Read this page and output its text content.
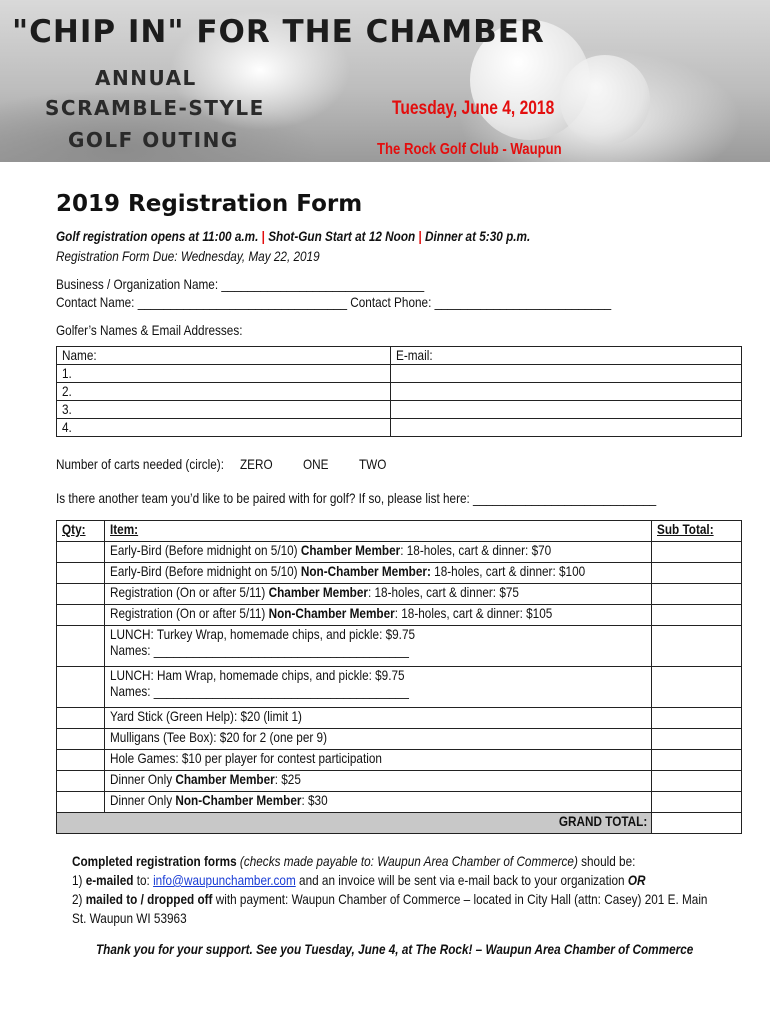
"CHIP IN" FOR THE CHAMBER
ANNUAL
SCRAMBLE-STYLE
GOLF OUTING
Tuesday, June 4, 2018
The Rock Golf Club - Waupun
2019 Registration Form
Golf registration opens at 11:00 a.m. | Shot-Gun Start at 12 Noon | Dinner at 5:30 p.m.
Registration Form Due: Wednesday, May 22, 2019
Business / Organization Name: _______________________________
Contact Name: ________________________________ Contact Phone: ___________________________
Golfer’s Names & Email Addresses:
Name:	E-mail:
1.	
2.	
3.	
4.	
Number of carts needed (circle): ZERO ONE TWO
Is there another team you’d like to be paired with for golf? If so, please list here: ____________________________
Qty:	Item:	Sub Total:
	Early-Bird (Before midnight on 5/10) Chamber Member: 18-holes, cart & dinner: $70	
	Early-Bird (Before midnight on 5/10) Non-Chamber Member: 18-holes, cart & dinner: $100	
	Registration (On or after 5/11) Chamber Member: 18-holes, cart & dinner: $75	
	Registration (On or after 5/11) Non-Chamber Member: 18-holes, cart & dinner: $105	
	LUNCH: Turkey Wrap, homemade chips, and pickle: $9.75
Names: _______________________________________	
	LUNCH: Ham Wrap, homemade chips, and pickle: $9.75
Names: _______________________________________	
	Yard Stick (Green Help): $20 (limit 1)	
	Mulligans (Tee Box): $20 for 2 (one per 9)	
	Hole Games: $10 per player for contest participation	
	Dinner Only Chamber Member: $25	
	Dinner Only Non-Chamber Member: $30	
GRAND TOTAL:		
Completed registration forms (checks made payable to: Waupun Area Chamber of Commerce) should be:
1) e-mailed to: info@waupunchamber.com and an invoice will be sent via e-mail back to your organization OR
2) mailed to / dropped off with payment: Waupun Chamber of Commerce – located in City Hall (attn: Casey) 201 E. Main
St. Waupun WI 53963
Thank you for your support. See you Tuesday, June 4, at The Rock! – Waupun Area Chamber of Commerce
